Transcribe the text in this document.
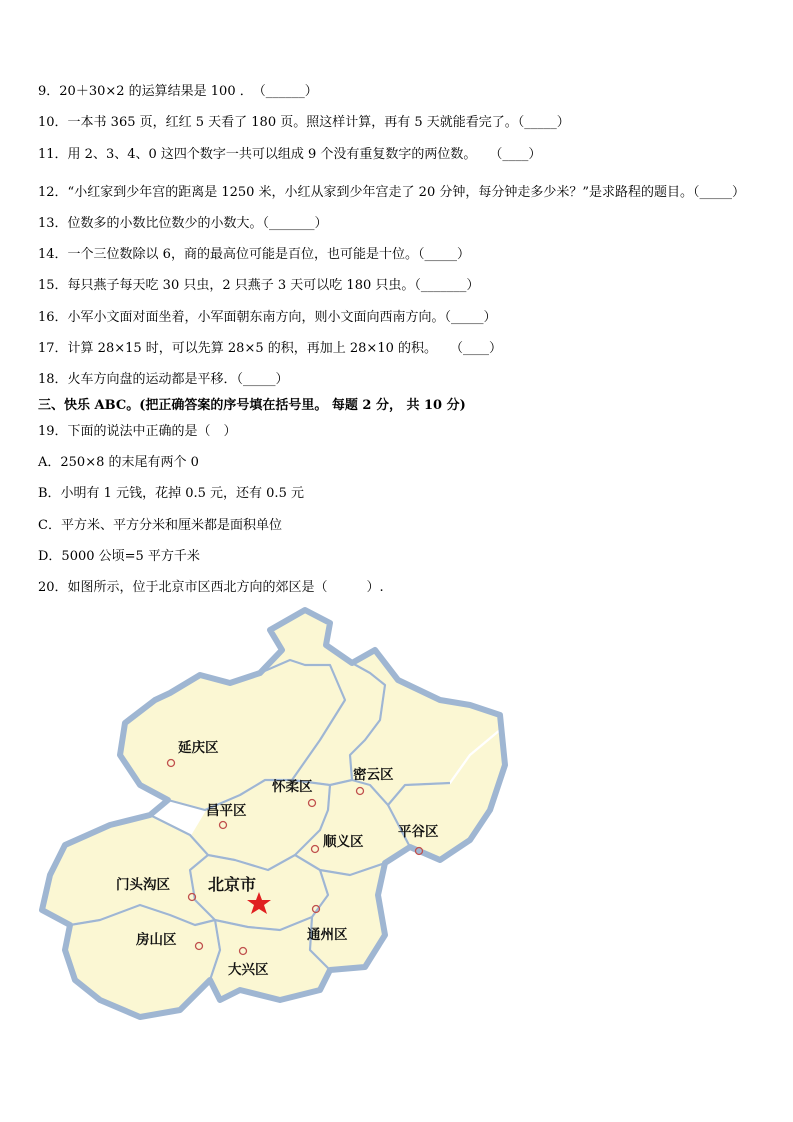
9．20＋30×2 的运算结果是 100 ．　（______）
10．一本书 365 页，红红 5 天看了 180 页。照这样计算，再有 5 天就能看完了。（_____）
11．用 2、3、4、0 这四个数字一共可以组成 9 个没有重复数字的两位数。　　（____）
12．“小红家到少年宫的距离是 1250 米，小红从家到少年宫走了 20 分钟，每分钟走多少米？”是求路程的题目。（_____）
13．位数多的小数比位数少的小数大。（_______）
14．一个三位数除以 6，商的最高位可能是百位，也可能是十位。（_____）
15．每只燕子每天吃 30 只虫，2 只燕子 3 天可以吃 180 只虫。（_______）
16．小军小文面对面坐着，小军面朝东南方向，则小文面向西南方向。（_____）
17．计算 28×15 时，可以先算 28×5 的积，再加上 28×10 的积。　　（____）
18．火车方向盘的运动都是平移．（_____）
三、快乐 ABC。(把正确答案的序号填在括号里。 每题 2 分， 共 10 分)
19．下面的说法中正确的是（　）
A．250×8 的末尾有两个 0
B．小明有 1 元钱，花掉 0.5 元，还有 0.5 元
C．平方米、平方分米和厘米都是面积单位
D．5000 公顷=5 平方千米
20．如图所示，位于北京市区西北方向的郊区是（　　　）.
延庆区
怀柔区
密云区
昌平区
平谷区
顺义区
门头沟区 北京市
通州区
房山区
大兴区
